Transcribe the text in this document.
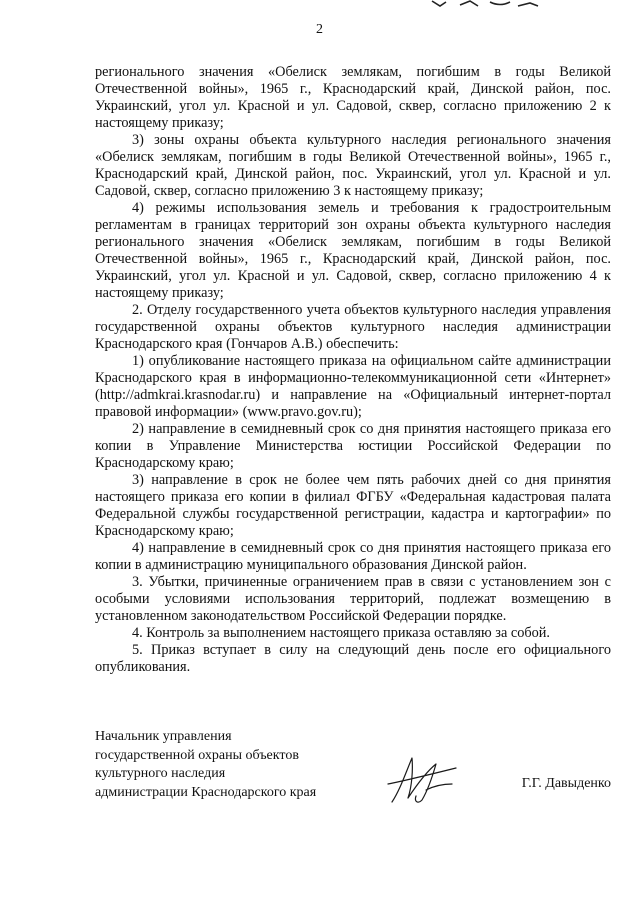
2

регионального значения «Обелиск землякам, погибшим в годы Великой Отечественной войны», 1965 г., Краснодарский край, Динской район, пос. Украинский, угол ул. Красной и ул. Садовой, сквер, согласно приложению 2 к настоящему приказу;

3) зоны охраны объекта культурного наследия регионального значения «Обелиск землякам, погибшим в годы Великой Отечественной войны», 1965 г., Краснодарский край, Динской район, пос. Украинский, угол ул. Красной и ул. Садовой, сквер, согласно приложению 3 к настоящему приказу;

4) режимы использования земель и требования к градостроительным регламентам в границах территорий зон охраны объекта культурного наследия регионального значения «Обелиск землякам, погибшим в годы Великой Отечественной войны», 1965 г., Краснодарский край, Динской район, пос. Украинский, угол ул. Красной и ул. Садовой, сквер, согласно приложению 4 к настоящему приказу;

2. Отделу государственного учета объектов культурного наследия управления государственной охраны объектов культурного наследия администрации Краснодарского края (Гончаров А.В.) обеспечить:

1) опубликование настоящего приказа на официальном сайте администрации Краснодарского края в информационно-телекоммуникационной сети «Интернет» (http://admkrai.krasnodar.ru) и направление на «Официальный интернет-портал правовой информации» (www.pravo.gov.ru);

2) направление в семидневный срок со дня принятия настоящего приказа его копии в Управление Министерства юстиции Российской Федерации по Краснодарскому краю;

3) направление в срок не более чем пять рабочих дней со дня принятия настоящего приказа его копии в филиал ФГБУ «Федеральная кадастровая палата Федеральной службы государственной регистрации, кадастра и картографии» по Краснодарскому краю;

4) направление в семидневный срок со дня принятия настоящего приказа его копии в администрацию муниципального образования Динской район.

3. Убытки, причиненные ограничением прав в связи с установлением зон с особыми условиями использования территорий, подлежат возмещению в установленном законодательством Российской Федерации порядке.

4. Контроль за выполнением настоящего приказа оставляю за собой.

5. Приказ вступает в силу на следующий день после его официального опубликования.

Начальник управления
государственной охраны объектов
культурного наследия
администрации Краснодарского края
Г.Г. Давыденко
